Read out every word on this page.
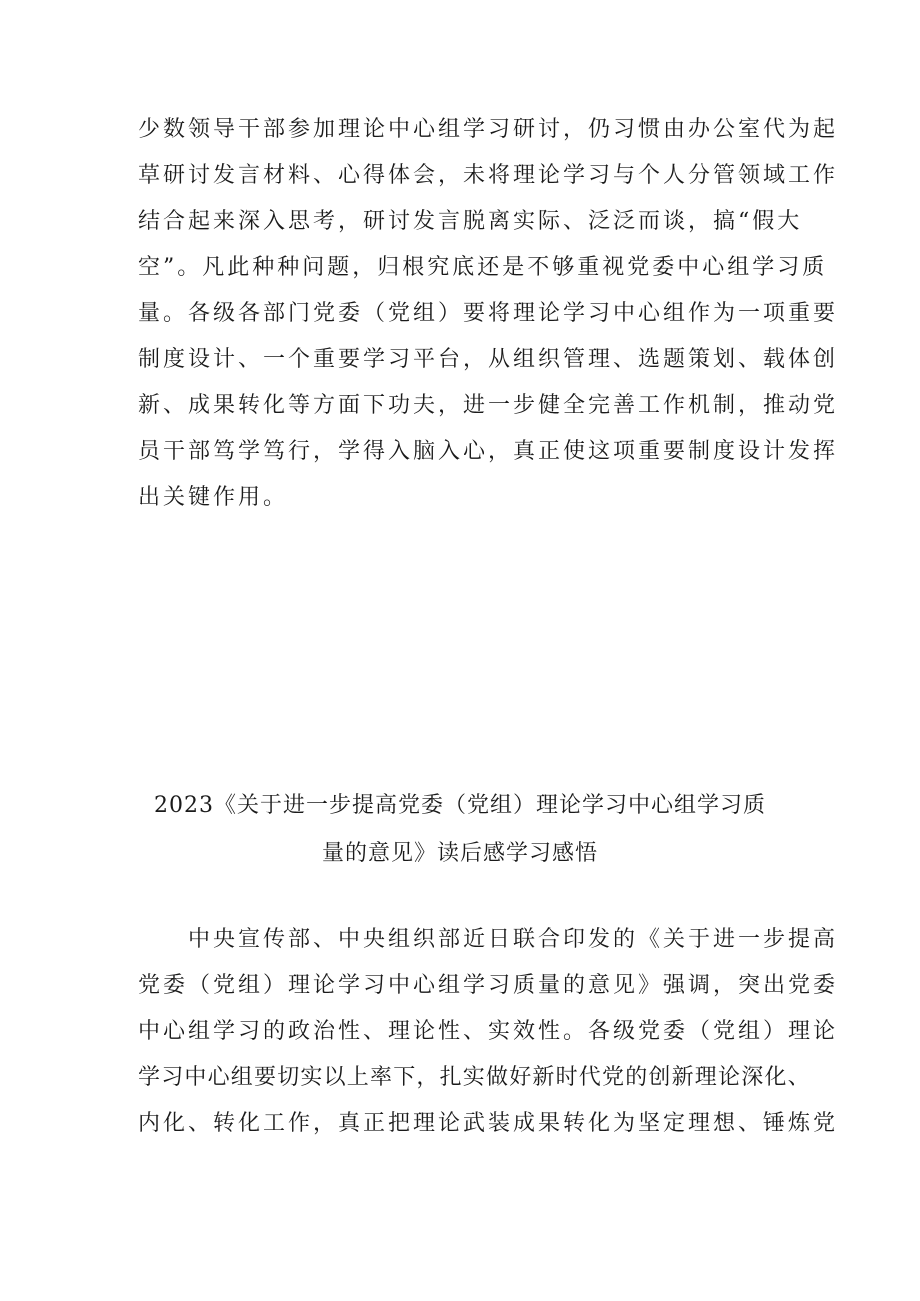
少数领导干部参加理论中心组学习研讨，仍习惯由办公室代为起
草研讨发言材料、心得体会，未将理论学习与个人分管领域工作
结合起来深入思考，研讨发言脱离实际、泛泛而谈，搞“假大
空”。凡此种种问题，归根究底还是不够重视党委中心组学习质
量。各级各部门党委（党组）要将理论学习中心组作为一项重要
制度设计、一个重要学习平台，从组织管理、选题策划、载体创
新、成果转化等方面下功夫，进一步健全完善工作机制，推动党
员干部笃学笃行，学得入脑入心，真正使这项重要制度设计发挥
出关键作用。
2023《关于进一步提高党委（党组）理论学习中心组学习质
量的意见》读后感学习感悟
　　中央宣传部、中央组织部近日联合印发的《关于进一步提高
党委（党组）理论学习中心组学习质量的意见》强调，突出党委
中心组学习的政治性、理论性、实效性。各级党委（党组）理论
学习中心组要切实以上率下，扎实做好新时代党的创新理论深化、
内化、转化工作，真正把理论武装成果转化为坚定理想、锤炼党
